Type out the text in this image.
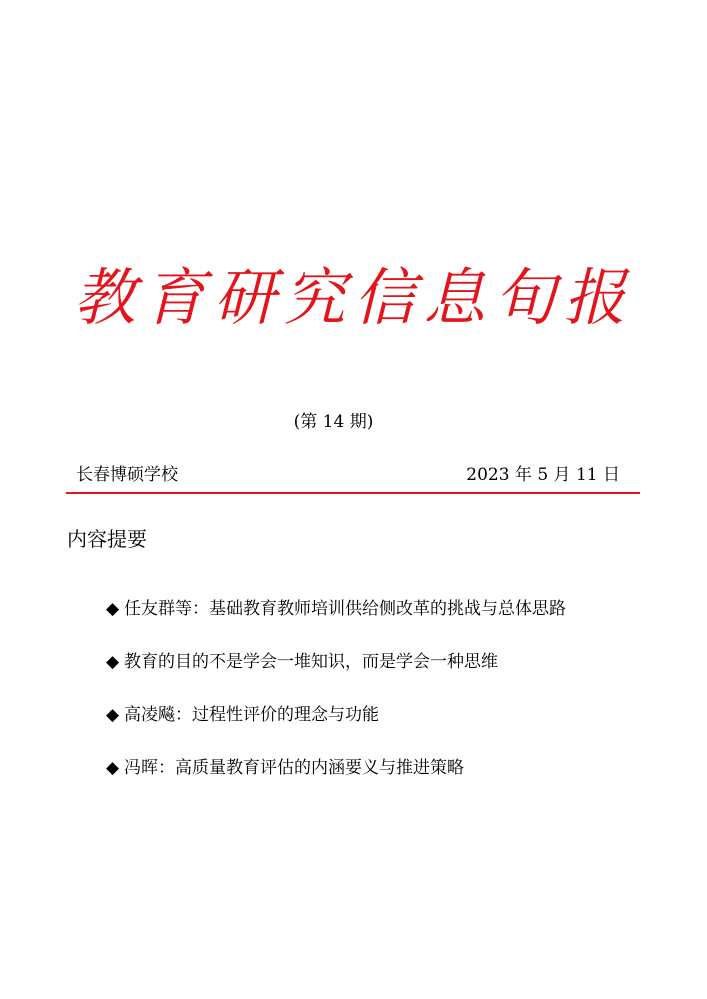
教育研究信息旬报
(第 14 期)
长春博硕学校	2023 年 5 月 11 日
内容提要
◆ 任友群等：基础教育教师培训供给侧改革的挑战与总体思路
◆ 教育的目的不是学会一堆知识，而是学会一种思维
◆ 高凌飚：过程性评价的理念与功能
◆ 冯晖：高质量教育评估的内涵要义与推进策略
